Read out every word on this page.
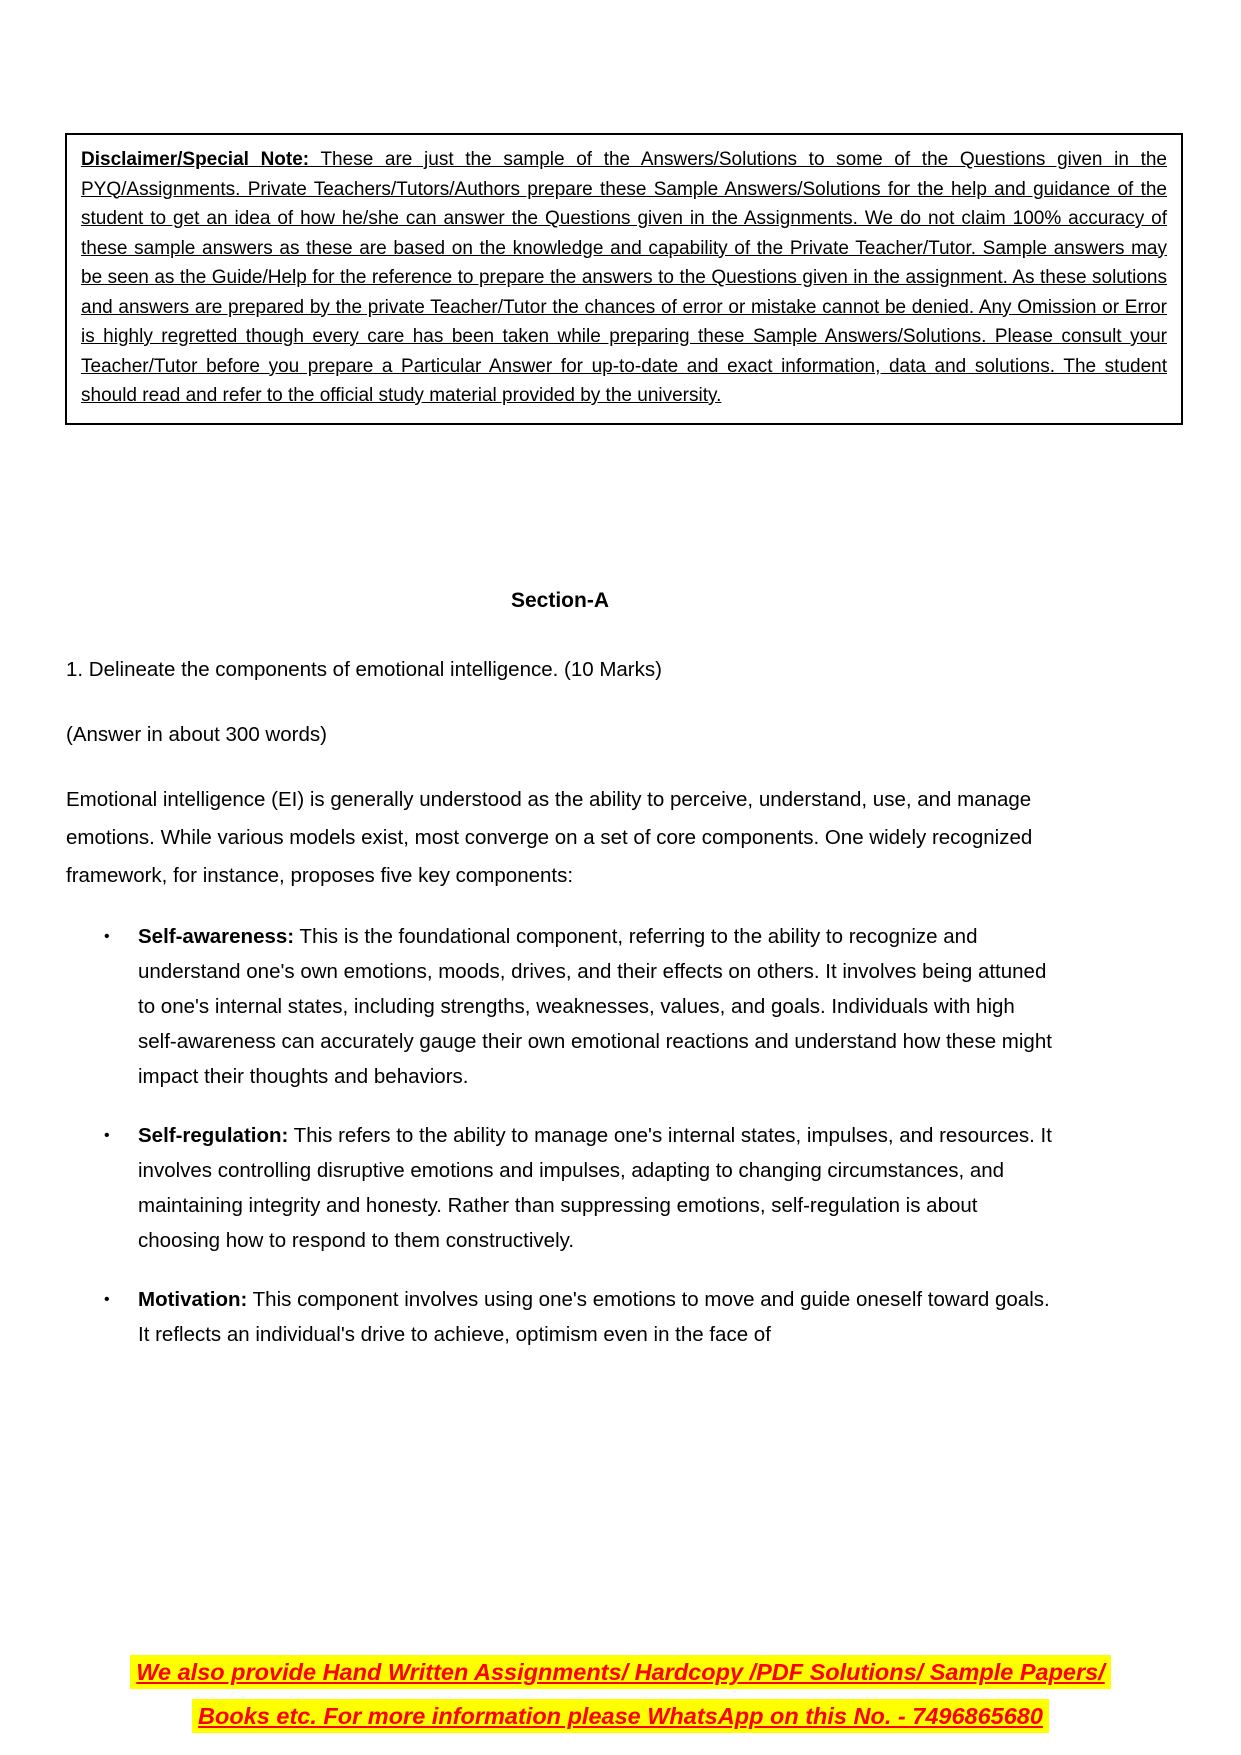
Disclaimer/Special Note: These are just the sample of the Answers/Solutions to some of the Questions given in the PYQ/Assignments. Private Teachers/Tutors/Authors prepare these Sample Answers/Solutions for the help and guidance of the student to get an idea of how he/she can answer the Questions given in the Assignments. We do not claim 100% accuracy of these sample answers as these are based on the knowledge and capability of the Private Teacher/Tutor. Sample answers may be seen as the Guide/Help for the reference to prepare the answers to the Questions given in the assignment. As these solutions and answers are prepared by the private Teacher/Tutor the chances of error or mistake cannot be denied. Any Omission or Error is highly regretted though every care has been taken while preparing these Sample Answers/Solutions. Please consult your Teacher/Tutor before you prepare a Particular Answer for up-to-date and exact information, data and solutions. The student should read and refer to the official study material provided by the university.
Section-A
1. Delineate the components of emotional intelligence. (10 Marks)
(Answer in about 300 words)
Emotional intelligence (EI) is generally understood as the ability to perceive, understand, use, and manage emotions. While various models exist, most converge on a set of core components. One widely recognized framework, for instance, proposes five key components:
• Self-awareness: This is the foundational component, referring to the ability to recognize and understand one's own emotions, moods, drives, and their effects on others. It involves being attuned to one's internal states, including strengths, weaknesses, values, and goals. Individuals with high self-awareness can accurately gauge their own emotional reactions and understand how these might impact their thoughts and behaviors.
• Self-regulation: This refers to the ability to manage one's internal states, impulses, and resources. It involves controlling disruptive emotions and impulses, adapting to changing circumstances, and maintaining integrity and honesty. Rather than suppressing emotions, self-regulation is about choosing how to respond to them constructively.
• Motivation: This component involves using one's emotions to move and guide oneself toward goals. It reflects an individual's drive to achieve, optimism even in the face of
We also provide Hand Written Assignments/ Hardcopy /PDF Solutions/ Sample Papers/
Books etc. For more information please WhatsApp on this No. - 7496865680
